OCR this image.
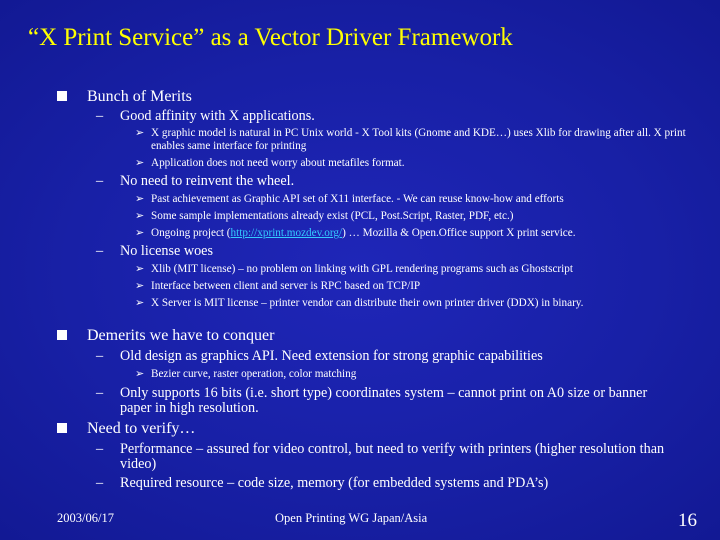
“X Print Service” as a Vector Driver Framework
Bunch of Merits
– Good affinity with X applications.
➢ X graphic model is natural in PC Unix world - X Tool kits (Gnome and KDE…) uses Xlib for drawing after all. X print enables same interface for printing
➢ Application does not need worry about metafiles format.
– No need to reinvent the wheel.
➢ Past achievement as Graphic API set of X11 interface. - We can reuse know-how and efforts
➢ Some sample implementations already exist (PCL, Post.Script, Raster, PDF, etc.)
➢ Ongoing project (http://xprint.mozdev.org/) … Mozilla & Open.Office support X print service.
– No license woes
➢ Xlib (MIT license) – no problem on linking with GPL rendering programs such as Ghostscript
➢ Interface between client and server is RPC based on TCP/IP
➢ X Server is MIT license – printer vendor can distribute their own printer driver (DDX) in binary.
Demerits we have to conquer
– Old design as graphics API. Need extension for strong graphic capabilities
➢ Bezier curve, raster operation, color matching
– Only supports 16 bits (i.e. short type) coordinates system – cannot print on A0 size or banner paper in high resolution.
Need to verify…
– Performance – assured for video control, but need to verify with printers (higher resolution than video)
– Required resource – code size, memory (for embedded systems and PDA’s)
2003/06/17	Open Printing WG Japan/Asia	16
